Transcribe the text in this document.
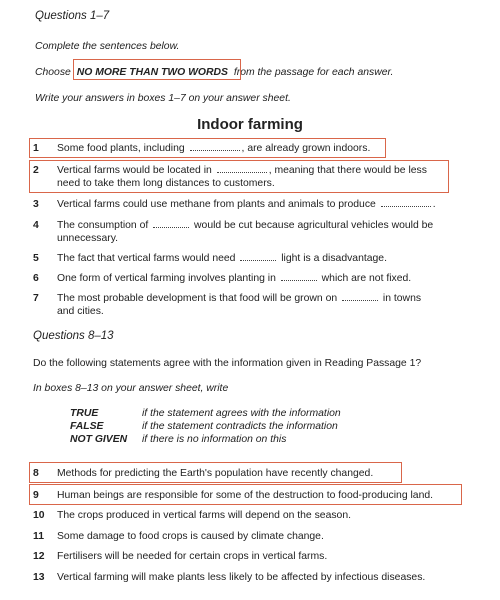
Questions 1–7
Complete the sentences below.
Choose NO MORE THAN TWO WORDS from the passage for each answer.
Write your answers in boxes 1–7 on your answer sheet.
Indoor farming
1	Some food plants, including	, are already grown indoors.
2	Vertical farms would be located in	, meaning that there would be less
need to take them long distances to customers.
3	Vertical farms could use methane from plants and animals to produce	.
4	The consumption of	would be cut because agricultural vehicles would be
unnecessary.
5	The fact that vertical farms would need	light is a disadvantage.
6	One form of vertical farming involves planting in	which are not fixed.
7	The most probable development is that food will be grown on	in towns
and cities.
Questions 8–13
Do the following statements agree with the information given in Reading Passage 1?
In boxes 8–13 on your answer sheet, write
TRUE	if the statement agrees with the information
FALSE	if the statement contradicts the information
NOT GIVEN if there is no information on this
8	Methods for predicting the Earth's population have recently changed.
9	Human beings are responsible for some of the destruction to food-producing land.
10	The crops produced in vertical farms will depend on the season.
11	Some damage to food crops is caused by climate change.
12	Fertilisers will be needed for certain crops in vertical farms.
13	Vertical farming will make plants less likely to be affected by infectious diseases.
